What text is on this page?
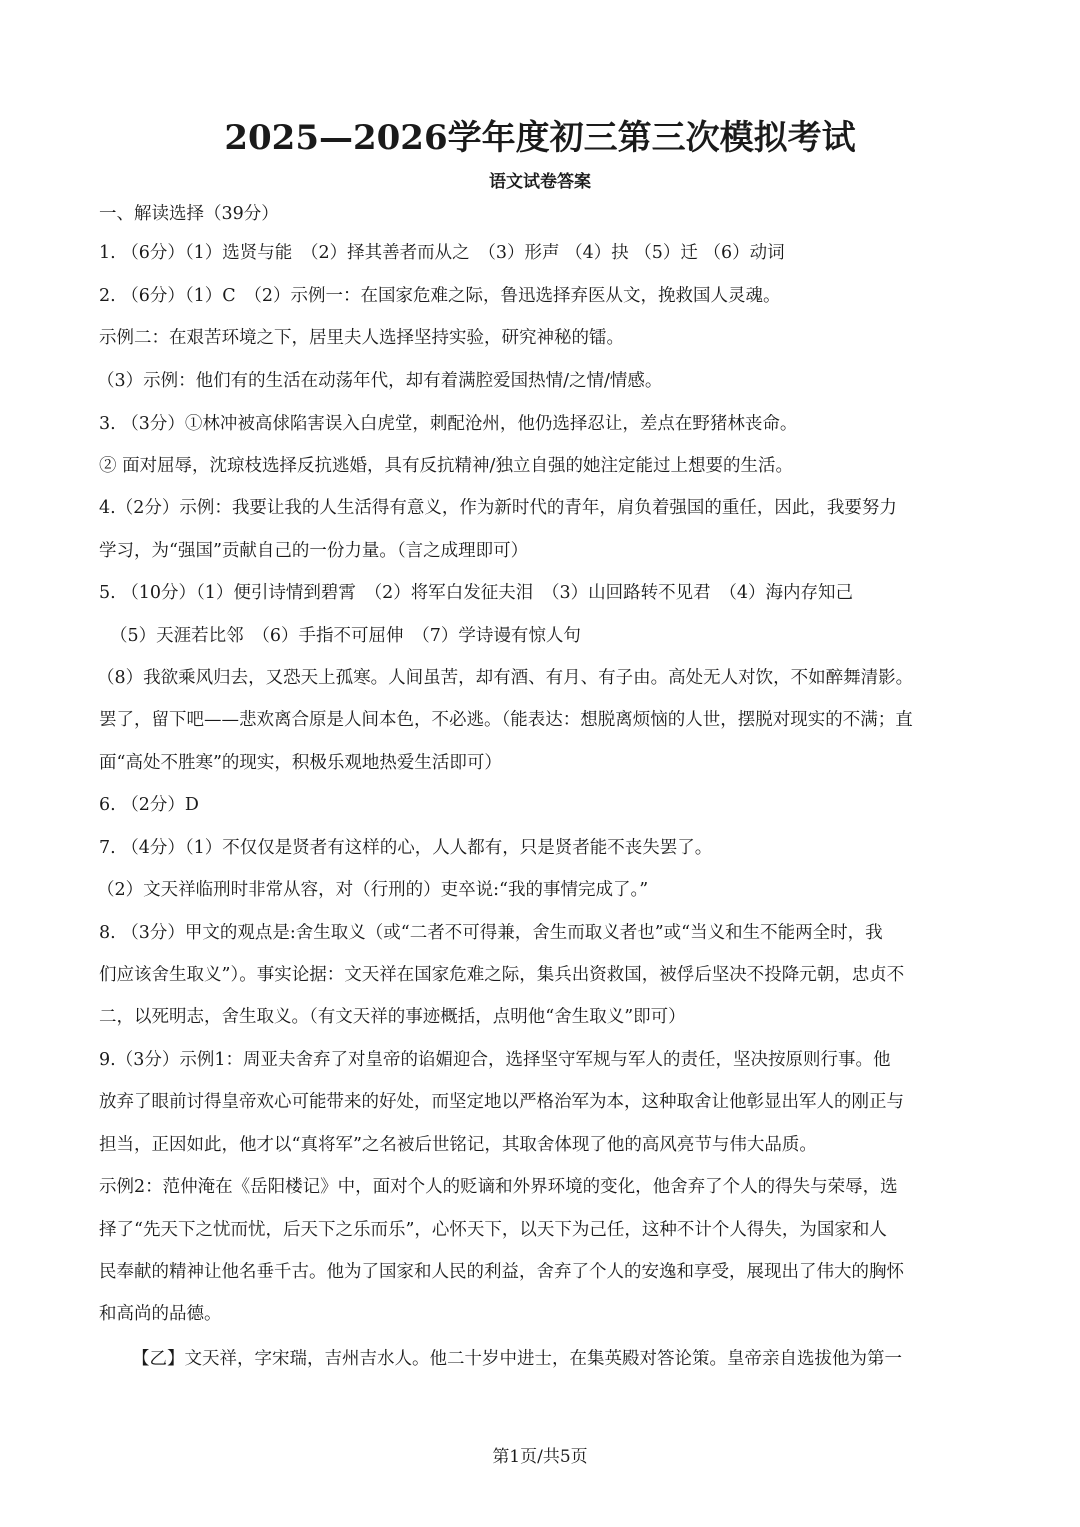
2025—2026学年度初三第三次模拟考试
语文试卷答案
一、解读选择（39分）
1. （6分）（1）选贤与能　（2）择其善者而从之　（3）形声 （4）抉 （5）迁 （6）动词
2. （6分）（1）C　（2）示例一：在国家危难之际，鲁迅选择弃医从文，挽救国人灵魂。
示例二：在艰苦环境之下，居里夫人选择坚持实验，研究神秘的镭。
（3）示例：他们有的生活在动荡年代，却有着满腔爱国热情/之情/情感。
3. （3分）①林冲被高俅陷害误入白虎堂，刺配沧州，他仍选择忍让，差点在野猪林丧命。
② 面对屈辱，沈琼枝选择反抗逃婚，具有反抗精神/独立自强的她注定能过上想要的生活。
4.（2分）示例：我要让我的人生活得有意义，作为新时代的青年，肩负着强国的重任，因此，我要努力
学习，为“强国”贡献自己的一份力量。（言之成理即可）
5. （10分）（1）便引诗情到碧霄　（2）将军白发征夫泪　（3）山回路转不见君　（4）海内存知己
（5）天涯若比邻　（6）手指不可屈伸　（7）学诗谩有惊人句
（8）我欲乘风归去，又恐天上孤寒。人间虽苦，却有酒、有月、有子由。高处无人对饮，不如醉舞清影。
罢了，留下吧——悲欢离合原是人间本色，不必逃。（能表达：想脱离烦恼的人世，摆脱对现实的不满；直
面“高处不胜寒”的现实，积极乐观地热爱生活即可）
6. （2分）D
7. （4分）（1）不仅仅是贤者有这样的心，人人都有，只是贤者能不丧失罢了。
（2）文天祥临刑时非常从容，对（行刑的）吏卒说:“我的事情完成了。”
8. （3分）甲文的观点是:舍生取义（或“二者不可得兼，舍生而取义者也”或“当义和生不能两全时，我
们应该舍生取义”）。事实论据：文天祥在国家危难之际，集兵出资救国，被俘后坚决不投降元朝，忠贞不
二，以死明志，舍生取义。（有文天祥的事迹概括，点明他“舍生取义”即可）
9.（3分）示例1：周亚夫舍弃了对皇帝的谄媚迎合，选择坚守军规与军人的责任，坚决按原则行事。他
放弃了眼前讨得皇帝欢心可能带来的好处，而坚定地以严格治军为本，这种取舍让他彰显出军人的刚正与
担当，正因如此，他才以“真将军”之名被后世铭记，其取舍体现了他的高风亮节与伟大品质。
示例2：范仲淹在《岳阳楼记》中，面对个人的贬谪和外界环境的变化，他舍弃了个人的得失与荣辱，选
择了“先天下之忧而忧，后天下之乐而乐”，心怀天下，以天下为己任，这种不计个人得失，为国家和人
民奉献的精神让他名垂千古。他为了国家和人民的利益，舍弃了个人的安逸和享受，展现出了伟大的胸怀
和高尚的品德。
【乙】文天祥，字宋瑞，吉州吉水人。他二十岁中进士，在集英殿对答论策。皇帝亲自选拔他为第一
第1页/共5页
